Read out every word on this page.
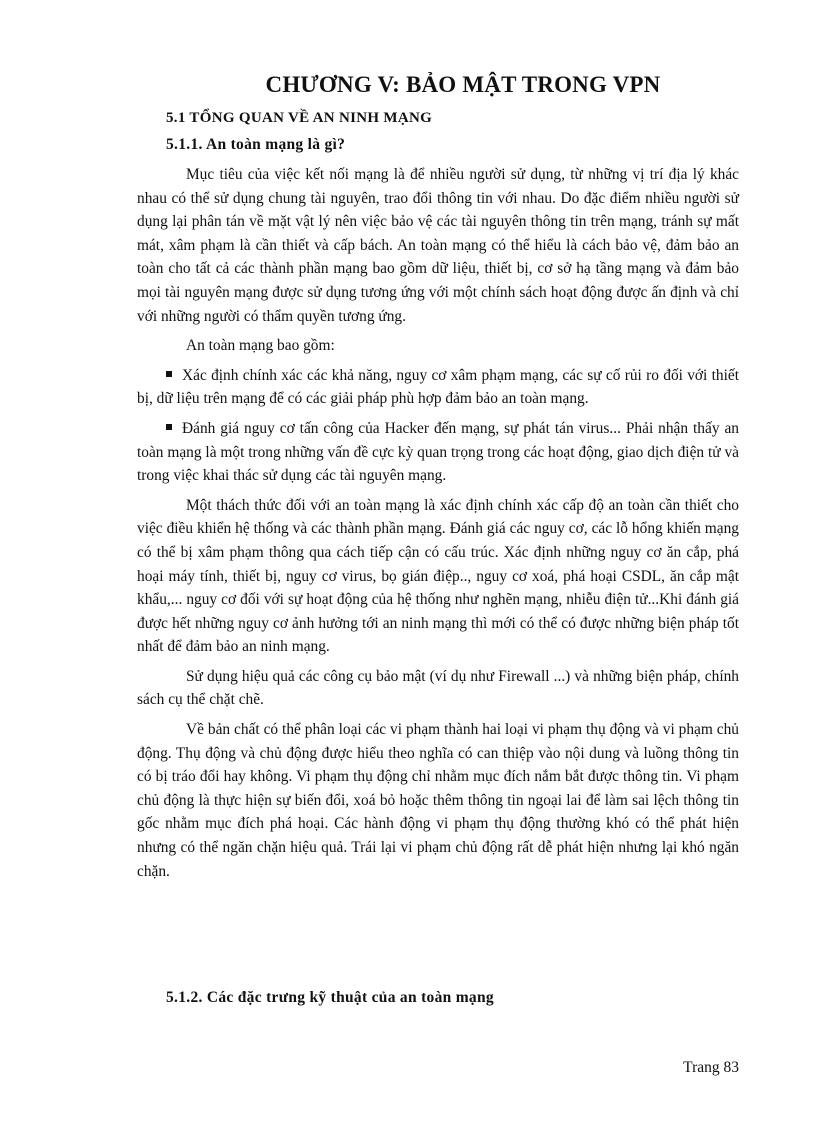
CHƯƠNG V: BẢO MẬT TRONG VPN
5.1 TỔNG QUAN VỀ AN NINH MẠNG
5.1.1. An toàn mạng là gì?

Mục tiêu của việc kết nối mạng là để nhiều người sử dụng, từ những vị trí địa lý khác nhau có thể sử dụng chung tài nguyên, trao đổi thông tin với nhau. Do đặc điểm nhiều người sử dụng lại phân tán về mặt vật lý nên việc bảo vệ các tài nguyên thông tin trên mạng, tránh sự mất mát, xâm phạm là cần thiết và cấp bách. An toàn mạng có thể hiểu là cách bảo vệ, đảm bảo an toàn cho tất cả các thành phần mạng bao gồm dữ liệu, thiết bị, cơ sở hạ tầng mạng và đảm bảo mọi tài nguyên mạng được sử dụng tương ứng với một chính sách hoạt động được ấn định và chỉ với những người có thẩm quyền tương ứng.

An toàn mạng bao gồm:

Xác định chính xác các khả năng, nguy cơ xâm phạm mạng, các sự cố rủi ro đối với thiết bị, dữ liệu trên mạng để có các giải pháp phù hợp đảm bảo an toàn mạng.

Đánh giá nguy cơ tấn công của Hacker đến mạng, sự phát tán virus... Phải nhận thấy an toàn mạng là một trong những vấn đề cực kỳ quan trọng trong các hoạt động, giao dịch điện tử và trong việc khai thác sử dụng các tài nguyên mạng.

Một thách thức đối với an toàn mạng là xác định chính xác cấp độ an toàn cần thiết cho việc điều khiển hệ thống và các thành phần mạng. Đánh giá các nguy cơ, các lỗ hổng khiến mạng có thể bị xâm phạm thông qua cách tiếp cận có cấu trúc. Xác định những nguy cơ ăn cắp, phá hoại máy tính, thiết bị, nguy cơ virus, bọ gián điệp.., nguy cơ xoá, phá hoại CSDL, ăn cắp mật khẩu,... nguy cơ đối với sự hoạt động của hệ thống như nghẽn mạng, nhiễu điện tử...Khi đánh giá được hết những nguy cơ ảnh hưởng tới an ninh mạng thì mới có thể có được những biện pháp tốt nhất để đảm bảo an ninh mạng.

Sử dụng hiệu quả các công cụ bảo mật (ví dụ như Firewall ...) và những biện pháp, chính sách cụ thể chặt chẽ.

Về bản chất có thể phân loại các vi phạm thành hai loại vi phạm thụ động và vi phạm chủ động. Thụ động và chủ động được hiểu theo nghĩa có can thiệp vào nội dung và luồng thông tin có bị tráo đổi hay không. Vi phạm thụ động chỉ nhằm mục đích nắm bắt được thông tin. Vi phạm chủ động là thực hiện sự biến đổi, xoá bỏ hoặc thêm thông tin ngoại lai để làm sai lệch thông tin gốc nhằm mục đích phá hoại. Các hành động vi phạm thụ động thường khó có thể phát hiện nhưng có thể ngăn chặn hiệu quả. Trái lại vi phạm chủ động rất dễ phát hiện nhưng lại khó ngăn chặn.

5.1.2. Các đặc trưng kỹ thuật của an toàn mạng

Trang 83
